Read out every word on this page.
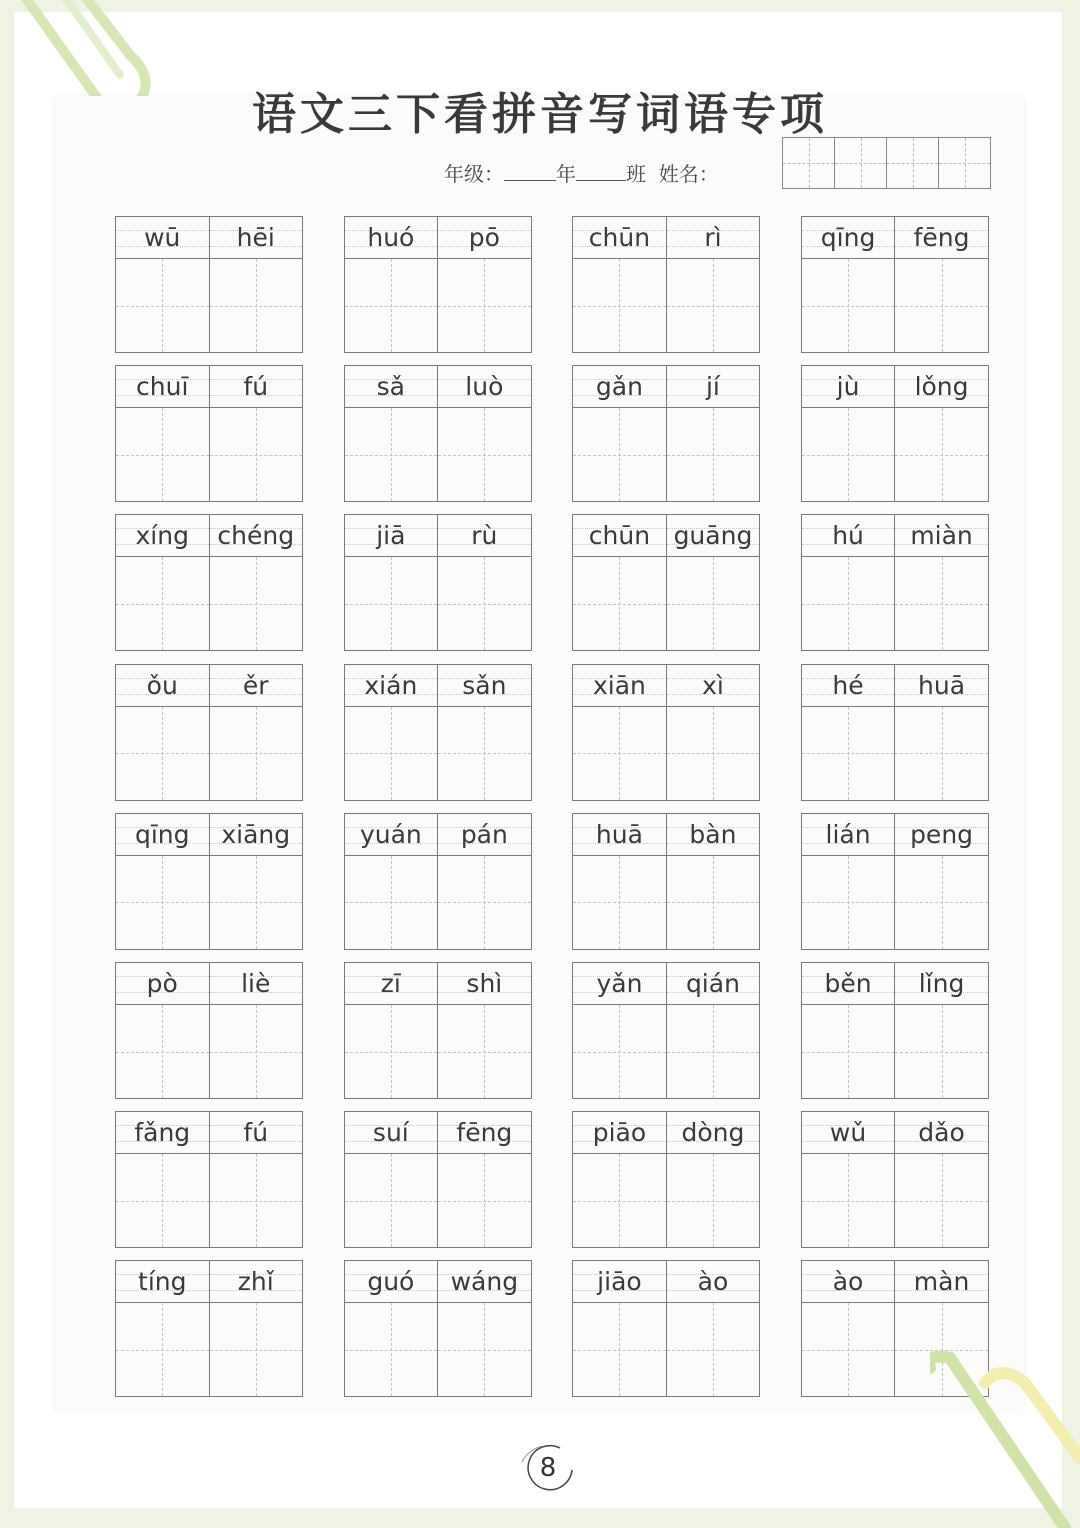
语文三下看拼音写词语专项
年级：	年	班 姓名：
wū hēi	huó pō	chūn rì	qīng fēng
chuī fú	sǎ luò	gǎn	jí	jù lǒng
xíng chéng	jiā	rù	chūn guāng	hú miàn
ǒu	ěr	xián sǎn	xiān xì	hé huā
qīng xiāng	yuán pán	huā bàn	lián peng
pò	liè	zī	shì	yǎn qián	běn lǐng
fǎng fú	suí fēng	piāo dòng	wǔ dǎo
tíng zhǐ	guó wáng	jiāo ào	ào màn
8
